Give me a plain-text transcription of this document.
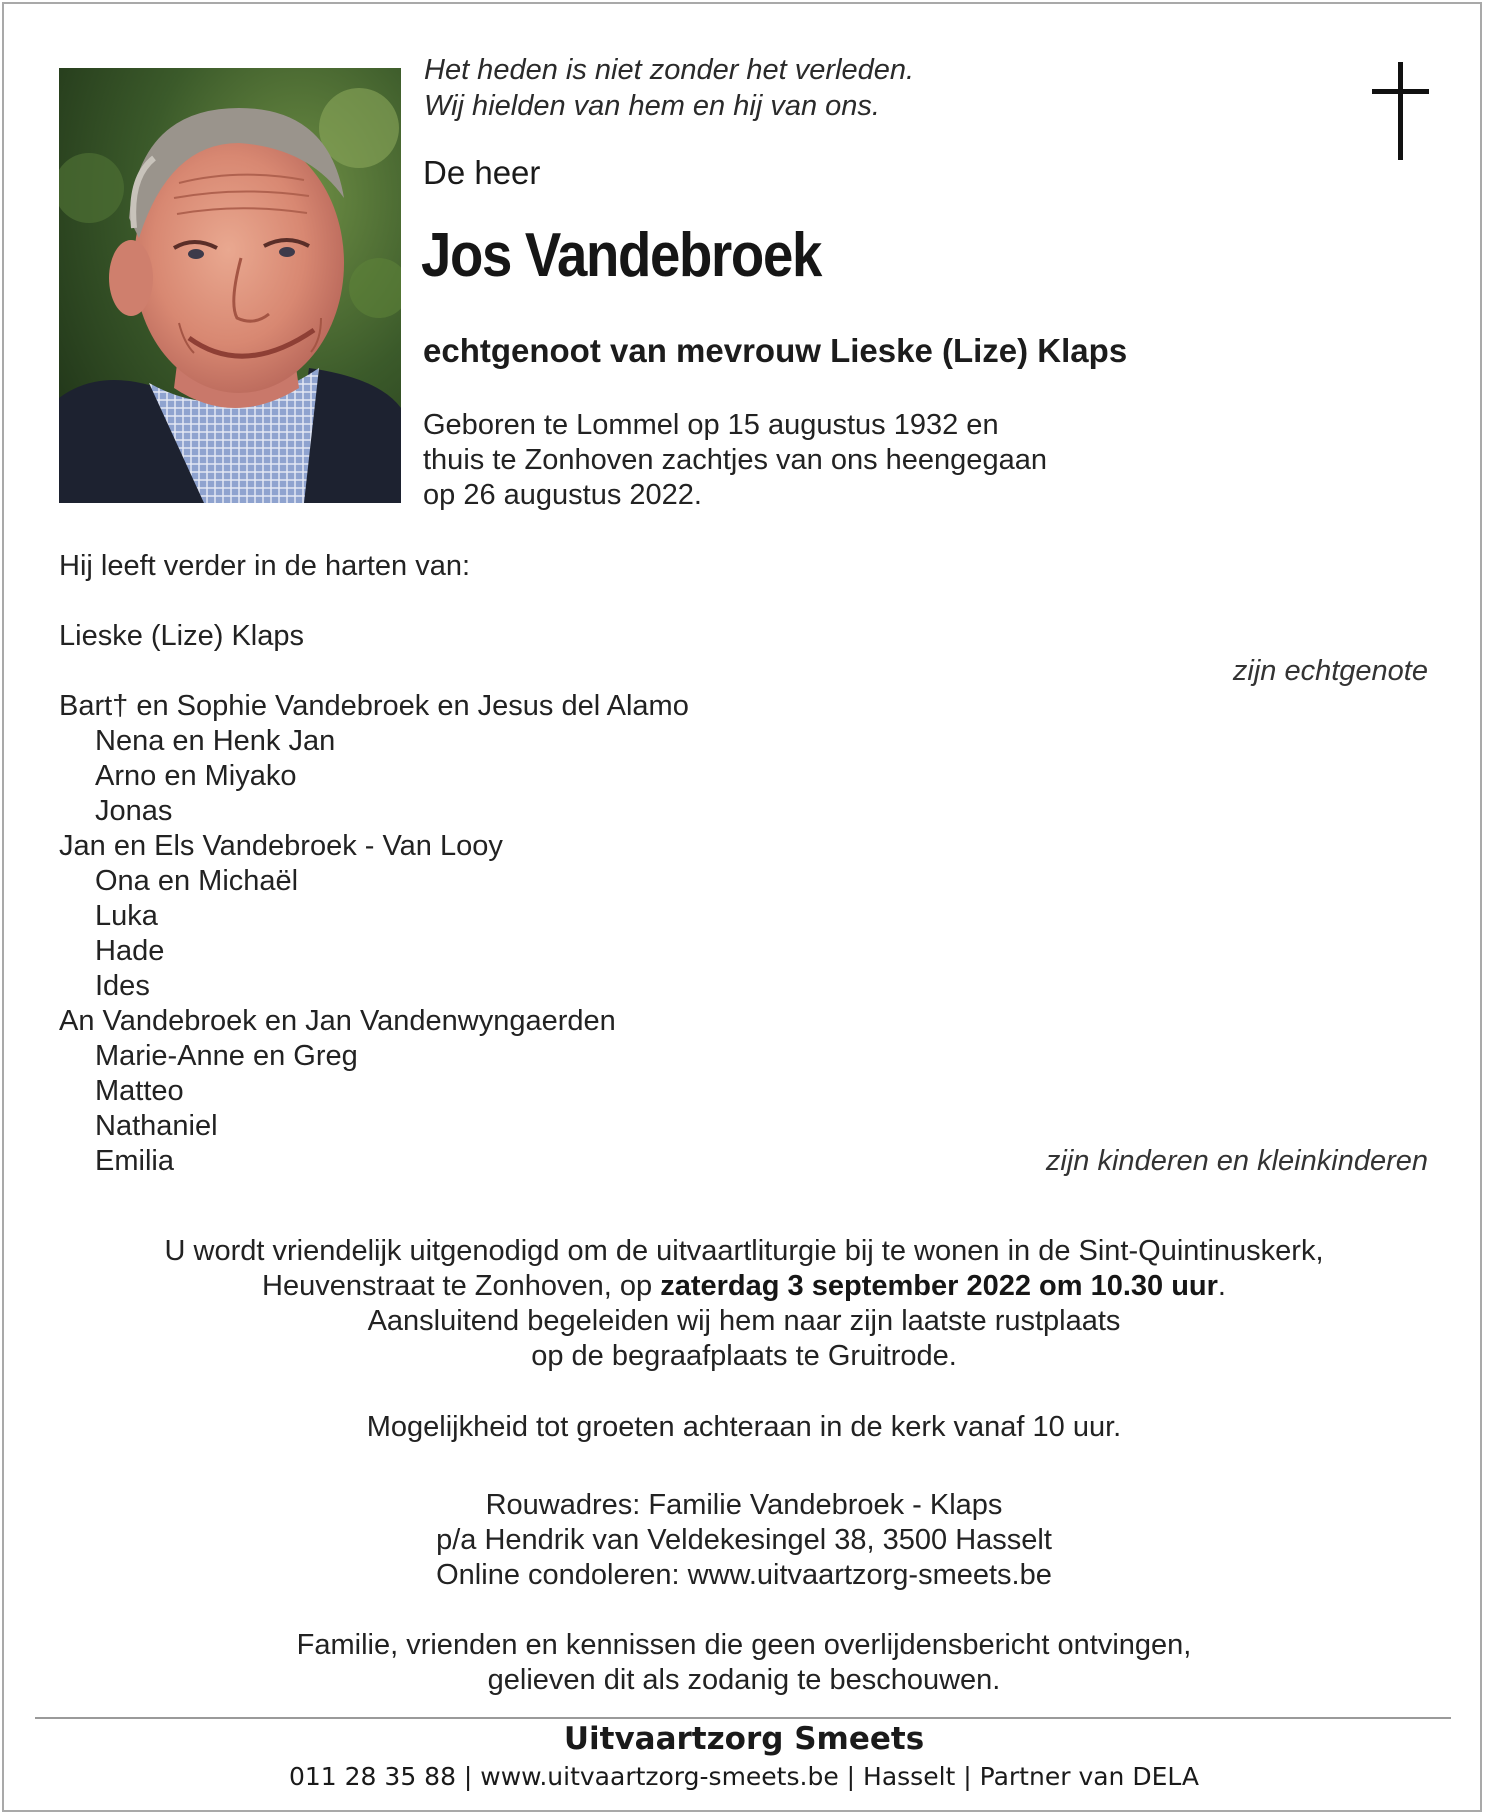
Het heden is niet zonder het verleden.
Wij hielden van hem en hij van ons.
De heer
Jos Vandebroek
echtgenoot van mevrouw Lieske (Lize) Klaps
Geboren te Lommel op 15 augustus 1932 en
thuis te Zonhoven zachtjes van ons heengegaan
op 26 augustus 2022.
Hij leeft verder in de harten van:
Lieske (Lize) Klaps
zijn echtgenote
Bart† en Sophie Vandebroek en Jesus del Alamo
Nena en Henk Jan
Arno en Miyako
Jonas
Jan en Els Vandebroek - Van Looy
Ona en Michaël
Luka
Hade
Ides
An Vandebroek en Jan Vandenwyngaerden
Marie-Anne en Greg
Matteo
Nathaniel
Emilia	zijn kinderen en kleinkinderen
U wordt vriendelijk uitgenodigd om de uitvaartliturgie bij te wonen in de Sint-Quintinuskerk,
Heuvenstraat te Zonhoven, op zaterdag 3 september 2022 om 10.30 uur.
Aansluitend begeleiden wij hem naar zijn laatste rustplaats
op de begraafplaats te Gruitrode.
Mogelijkheid tot groeten achteraan in de kerk vanaf 10 uur.
Rouwadres: Familie Vandebroek - Klaps
p/a Hendrik van Veldekesingel 38, 3500 Hasselt
Online condoleren: www.uitvaartzorg-smeets.be
Familie, vrienden en kennissen die geen overlijdensbericht ontvingen,
gelieven dit als zodanig te beschouwen.
Uitvaartzorg Smeets
011 28 35 88 | www.uitvaartzorg-smeets.be | Hasselt | Partner van DELA
